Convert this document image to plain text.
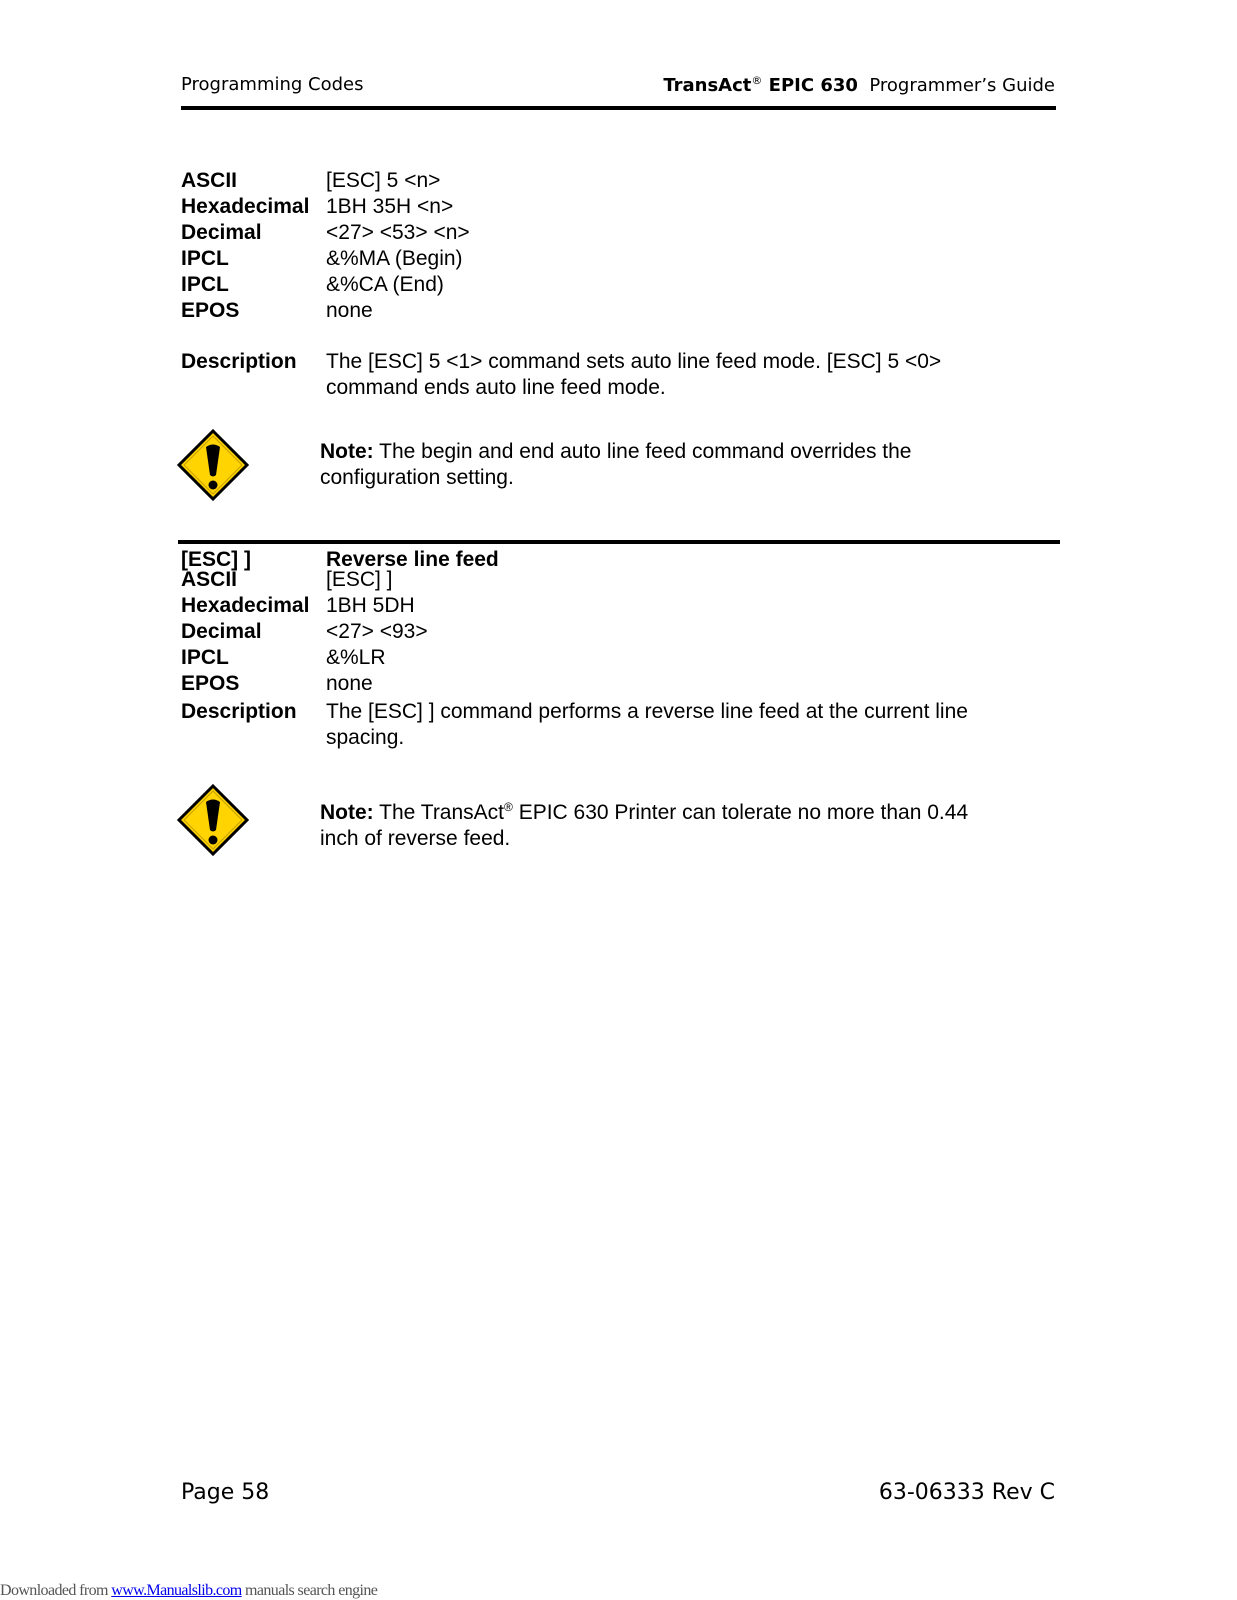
Programming Codes	TransAct® EPIC 630 Programmer’s Guide
ASCII	[ESC] 5 <n>
Hexadecimal 1BH 35H <n>
Decimal	<27> <53> <n>
IPCL	&%MA (Begin)
IPCL	&%CA (End)
EPOS	none
Description	The [ESC] 5 <1> command sets auto line feed mode. [ESC] 5 <0>
command ends auto line feed mode.
Note: The begin and end auto line feed command overrides the
configuration setting.
[ESC] ]	Reverse line feed
ASCII	[ESC] ]
Hexadecimal 1BH 5DH
Decimal	<27> <93>
IPCL	&%LR
EPOS	none
Description	The [ESC] ] command performs a reverse line feed at the current line
spacing.
Note: The TransAct® EPIC 630 Printer can tolerate no more than 0.44
inch of reverse feed.
Page 58	63-06333 Rev C
Downloaded from www.Manualslib.com manuals search engine
